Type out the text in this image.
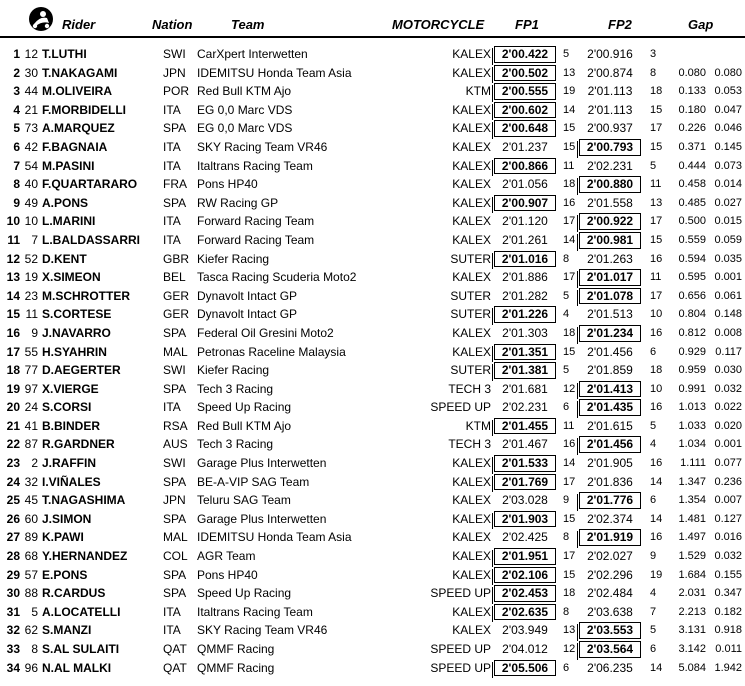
Rider	Nation	Team	MOTORCYCLE FP1	FP2	Gap
1 12 T.LUTHI	SWI CarXpert Interwetten	KALEX 2'00.422	5	2'00.916	3
2 30 T.NAKAGAMI	JPN IDEMITSU Honda Team Asia	KALEX 2'00.502	13 2'00.874	8	0.080 0.080
3 44 M.OLIVEIRA	POR Red Bull KTM Ajo	KTM 2'00.555	19	2'01.113	18	0.133 0.053
4 21 F.MORBIDELLI	ITA EG 0,0 Marc VDS	KALEX 2'00.602	14	2'01.113	15	0.180 0.047
5 73 A.MARQUEZ	SPA EG 0,0 Marc VDS	KALEX 2'00.648	15 2'00.937	17	0.226 0.046
6 42 F.BAGNAIA	ITA SKY Racing Team VR46	KALEX 2'01.237	15 2'00.793	15	0.371 0.145
7 54 M.PASINI	ITA Italtrans Racing Team	KALEX 2'00.866	11	2'02.231	5	0.444 0.073
8 40 F.QUARTARARO FRA Pons HP40	KALEX 2'01.056	18 2'00.880	11	0.458 0.014
9 49 A.PONS	SPA RW Racing GP	KALEX 2'00.907	16 2'01.558	13	0.485 0.027
10 10 L.MARINI	ITA Forward Racing Team	KALEX 2'01.120	17 2'00.922	17	0.500 0.015
11 7 L.BALDASSARRI ITA Forward Racing Team	KALEX 2'01.261	14 2'00.981	15	0.559 0.059
12 52 D.KENT	GBR Kiefer Racing	SUTER 2'01.016	8	2'01.263	16	0.594 0.035
13 19 X.SIMEON	BEL Tasca Racing Scuderia Moto2	KALEX 2'01.886	17 2'01.017	11	0.595 0.001
14 23 M.SCHROTTER	GER Dynavolt Intact GP	SUTER 2'01.282	5	2'01.078	17	0.656 0.061
15 11 S.CORTESE	GER Dynavolt Intact GP	SUTER 2'01.226	4	2'01.513	10	0.804 0.148
16 9 J.NAVARRO	SPA Federal Oil Gresini Moto2	KALEX 2'01.303	18 2'01.234	16	0.812 0.008
17 55 H.SYAHRIN	MAL Petronas Raceline Malaysia	KALEX 2'01.351	15 2'01.456	6	0.929 0.117
18 77 D.AEGERTER	SWI Kiefer Racing	SUTER 2'01.381	5	2'01.859	18	0.959 0.030
19 97 X.VIERGE	SPA Tech 3 Racing	TECH 3 2'01.681	12 2'01.413	10	0.991 0.032
20 24 S.CORSI	ITA Speed Up Racing	SPEED UP 2'02.231	6	2'01.435	16	1.013 0.022
21 41 B.BINDER	RSA Red Bull KTM Ajo	KTM 2'01.455	11	2'01.615	5	1.033 0.020
22 87 R.GARDNER	AUS Tech 3 Racing	TECH 3 2'01.467	16 2'01.456	4	1.034 0.001
23 2 J.RAFFIN	SWI Garage Plus Interwetten	KALEX 2'01.533	14 2'01.905	16	1.111 0.077
24 32 I.VIÑALES	SPA BE-A-VIP SAG Team	KALEX 2'01.769	17 2'01.836	14	1.347 0.236
25 45 T.NAGASHIMA	JPN Teluru SAG Team	KALEX 2'03.028	9	2'01.776	6	1.354 0.007
26 60 J.SIMON	SPA Garage Plus Interwetten	KALEX 2'01.903	15 2'02.374	14	1.481 0.127
27 89 K.PAWI	MAL IDEMITSU Honda Team Asia	KALEX 2'02.425	8	2'01.919	16	1.497 0.016
28 68 Y.HERNANDEZ	COL AGR Team	KALEX 2'01.951	17 2'02.027	9	1.529 0.032
29 57 E.PONS	SPA Pons HP40	KALEX 2'02.106	15 2'02.296	19	1.684 0.155
30 88 R.CARDUS	SPA Speed Up Racing	SPEED UP 2'02.453	18 2'02.484	4	2.031 0.347
31 5 A.LOCATELLI	ITA Italtrans Racing Team	KALEX 2'02.635	8	2'03.638	7	2.213 0.182
32 62 S.MANZI	ITA SKY Racing Team VR46	KALEX 2'03.949	13 2'03.553	5	3.131 0.918
33 8 S.AL SULAITI	QAT QMMF Racing	SPEED UP 2'04.012	12 2'03.564	6	3.142 0.011
34 96 N.AL MALKI	QAT QMMF Racing	SPEED UP 2'05.506	6	2'06.235	14	5.084 1.942
